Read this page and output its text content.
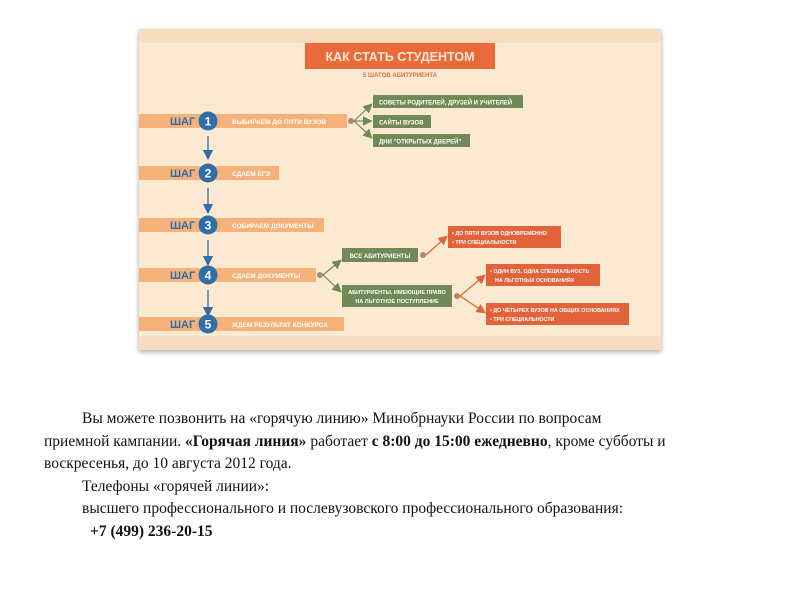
КАК СТАТЬ СТУДЕНТОМ
5 ШАГОВ АБИТУРИЕНТА
ШАГ 1	ВЫБИРАЕМ ДО ПЯТИ ВУЗОВ
СОВЕТЫ РОДИТЕЛЕЙ, ДРУЗЕЙ И УЧИТЕЛЕЙ
САЙТЫ ВУЗОВ
ДНИ "ОТКРЫТЫХ ДВЕРЕЙ"
ШАГ 2	СДАЕМ ЕГЭ
ШАГ 3	СОБИРАЕМ ДОКУМЕНТЫ
ШАГ 4	СДАЕМ ДОКУМЕНТЫ
ВСЕ АБИТУРИЕНТЫ
АБИТУРИЕНТЫ, ИМЕЮЩИЕ ПРАВО
НА ЛЬГОТНОЕ ПОСТУПЛЕНИЕ
• ДО ПЯТИ ВУЗОВ ОДНОВРЕМЕННО
• ТРИ СПЕЦИАЛЬНОСТИ
• ОДИН ВУЗ, ОДНА СПЕЦИАЛЬНОСТЬ
НА ЛЬГОТНЫХ ОСНОВАНИЯХ
• ДО ЧЕТЫРЕХ ВУЗОВ НА ОБЩИХ ОСНОВАНИЯХ
• ТРИ СПЕЦИАЛЬНОСТИ
ШАГ 5	ЖДЕМ РЕЗУЛЬТАТ КОНКУРСА
Вы можете позвонить на «горячую линию» Минобрнауки России по вопросам
приемной кампании. «Горячая линия» работает с 8:00 до 15:00 ежедневно, кроме субботы и
воскресенья, до 10 августа 2012 года.
Телефоны «горячей линии»:
высшего профессионального и послевузовского профессионального образования:
+7 (499) 236-20-15
